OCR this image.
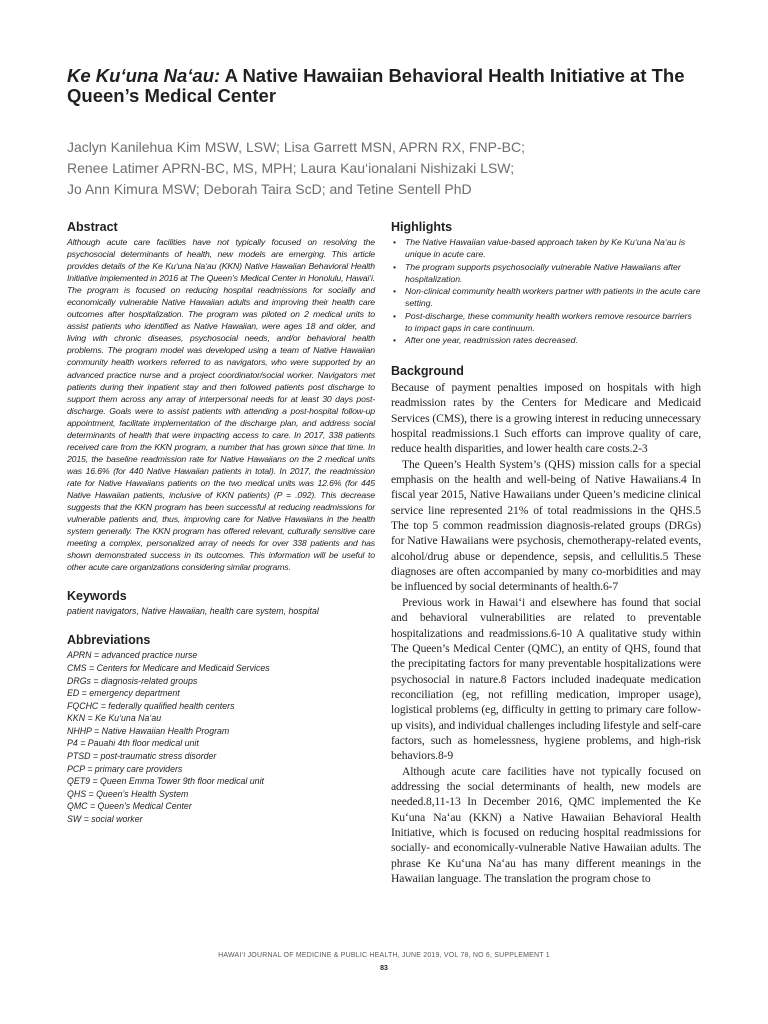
Ke Ku‘una Na‘au: A Native Hawaiian Behavioral Health Initiative at The Queen’s Medical Center
Jaclyn Kanilehua Kim MSW, LSW; Lisa Garrett MSN, APRN RX, FNP-BC;
Renee Latimer APRN-BC, MS, MPH; Laura Kau‘ionalani Nishizaki LSW;
Jo Ann Kimura MSW; Deborah Taira ScD; and Tetine Sentell PhD
Abstract

Although acute care facilities have not typically focused on resolving the psychosocial determinants of health, new models are emerging. This article provides details of the Ke Ku‘una Na‘au (KKN) Native Hawaiian Behavioral Health Initiative implemented in 2016 at The Queen’s Medical Center in Honolulu, Hawai‘i. The program is focused on reducing hospital readmissions for socially and economically vulnerable Native Hawaiian adults and improving their health care outcomes after hospitalization. The program was piloted on 2 medical units to assist patients who identified as Native Hawaiian, were ages 18 and older, and living with chronic diseases, psychosocial needs, and/or behavioral health problems. The program model was developed using a team of Native Hawaiian community health workers referred to as navigators, who were supported by an advanced practice nurse and a project coordinator/social worker. Navigators met patients during their inpatient stay and then followed patients post discharge to support them across any array of interpersonal needs for at least 30 days post-discharge. Goals were to assist patients with attending a post-hospital follow-up appointment, facilitate implementation of the discharge plan, and address social determinants of health that were impacting access to care. In 2017, 338 patients received care from the KKN program, a number that has grown since that time. In 2015, the baseline readmission rate for Native Hawaiians on the 2 medical units was 16.6% (for 440 Native Hawaiian patients in total). In 2017, the readmission rate for Native Hawaiians patients on the two medical units was 12.6% (for 445 Native Hawaiian patients, inclusive of KKN patients) (P = .092). This decrease suggests that the KKN program has been successful at reducing readmissions for vulnerable patients and, thus, improving care for Native Hawaiians in the health system generally. The KKN program has offered relevant, culturally sensitive care meeting a complex, personalized array of needs for over 338 patients and has shown demonstrated success in its outcomes. This information will be useful to other acute care organizations considering similar programs.

Keywords

patient navigators, Native Hawaiian, health care system, hospital

Abbreviations
APRN = advanced practice nurse
CMS = Centers for Medicare and Medicaid Services
DRGs = diagnosis-related groups
ED = emergency department
FQCHC = federally qualified health centers
KKN = Ke Ku‘una Na‘au
NHHP = Native Hawaiian Health Program
P4 = Pauahi 4th floor medical unit
PTSD = post-traumatic stress disorder
PCP = primary care providers
QET9 = Queen Emma Tower 9th floor medical unit
QHS = Queen’s Health System
QMC = Queen’s Medical Center
SW = social worker
Highlights
• The Native Hawaiian value-based approach taken by Ke Ku‘una Na‘au is unique in acute care.
• The program supports psychosocially vulnerable Native Hawaiians after hospitalization.
• Non-clinical community health workers partner with patients in the acute care setting.
• Post-discharge, these community health workers remove resource barriers to impact gaps in care continuum.
• After one year, readmission rates decreased.
Background

Because of payment penalties imposed on hospitals with high readmission rates by the Centers for Medicare and Medicaid Services (CMS), there is a growing interest in reducing unnecessary hospital readmissions.1 Such efforts can improve quality of care, reduce health disparities, and lower health care costs.2-3

The Queen’s Health System’s (QHS) mission calls for a special emphasis on the health and well-being of Native Hawaiians.4 In fiscal year 2015, Native Hawaiians under Queen’s medicine clinical service line represented 21% of total readmissions in the QHS.5 The top 5 common readmission diagnosis-related groups (DRGs) for Native Hawaiians were psychosis, chemotherapy-related events, alcohol/drug abuse or dependence, sepsis, and cellulitis.5 These diagnoses are often accompanied by many co-morbidities and may be influenced by social determinants of health.6-7

Previous work in Hawai‘i and elsewhere has found that social and behavioral vulnerabilities are related to preventable hospitalizations and readmissions.6-10 A qualitative study within The Queen’s Medical Center (QMC), an entity of QHS, found that the precipitating factors for many preventable hospitalizations were psychosocial in nature.8 Factors included inadequate medication reconciliation (eg, not refilling medication, improper usage), logistical problems (eg, difficulty in getting to primary care follow-up visits), and individual challenges including lifestyle and self-care factors, such as homelessness, hygiene problems, and high-risk behaviors.8-9

Although acute care facilities have not typically focused on addressing the social determinants of health, new models are needed.8,11-13 In December 2016, QMC implemented the Ke Ku‘una Na‘au (KKN) a Native Hawaiian Behavioral Health Initiative, which is focused on reducing hospital readmissions for socially- and economically-vulnerable Native Hawaiian adults. The phrase Ke Ku‘una Na‘au has many different meanings in the Hawaiian language. The translation the program chose to

HAWAI‘I JOURNAL OF MEDICINE & PUBLIC HEALTH, JUNE 2019, VOL 78, NO 6, SUPPLEMENT 1
83
